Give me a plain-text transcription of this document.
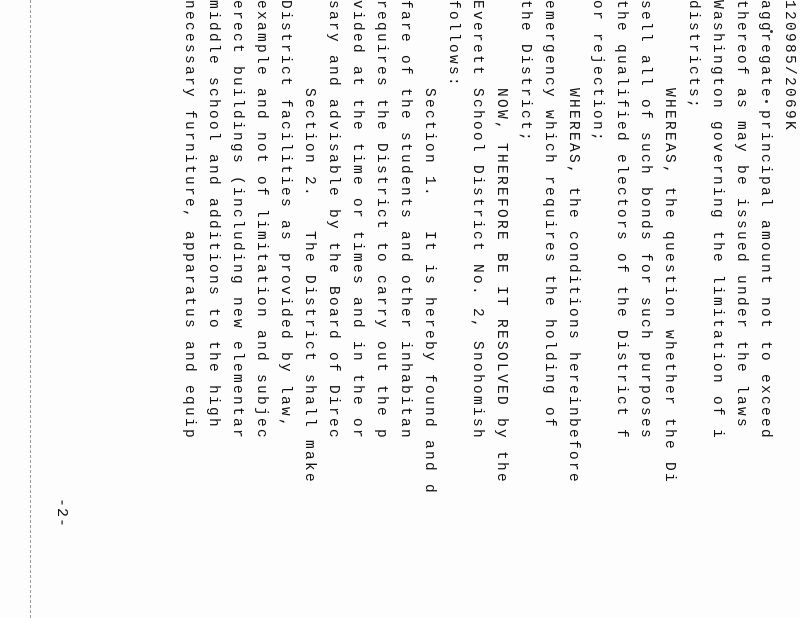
120985/2069K
aggregate principal amount not to exceed
thereof as may be issued under the laws
Washington governing the limitation of i
districts;
WHEREAS, the question whether the Di
sell all of such bonds for such purposes
the qualified electors of the District f
or rejection;
WHEREAS, the conditions hereinbefore
emergency which requires the holding of
the District;
NOW, THEREFORE BE IT RESOLVED by the
Everett School District No. 2, Snohomish
follows:
Section 1.   It is hereby found and d
fare of the students and other inhabitan
requires the District to carry out the p
vided at the time or times and in the or
sary and advisable by the Board of Direc
Section 2.   The District shall make
District facilities as provided by law,
example and not of limitation and subjec
erect buildings (including new elementar
middle school and additions to the high
necessary furniture, apparatus and equip
-2-
